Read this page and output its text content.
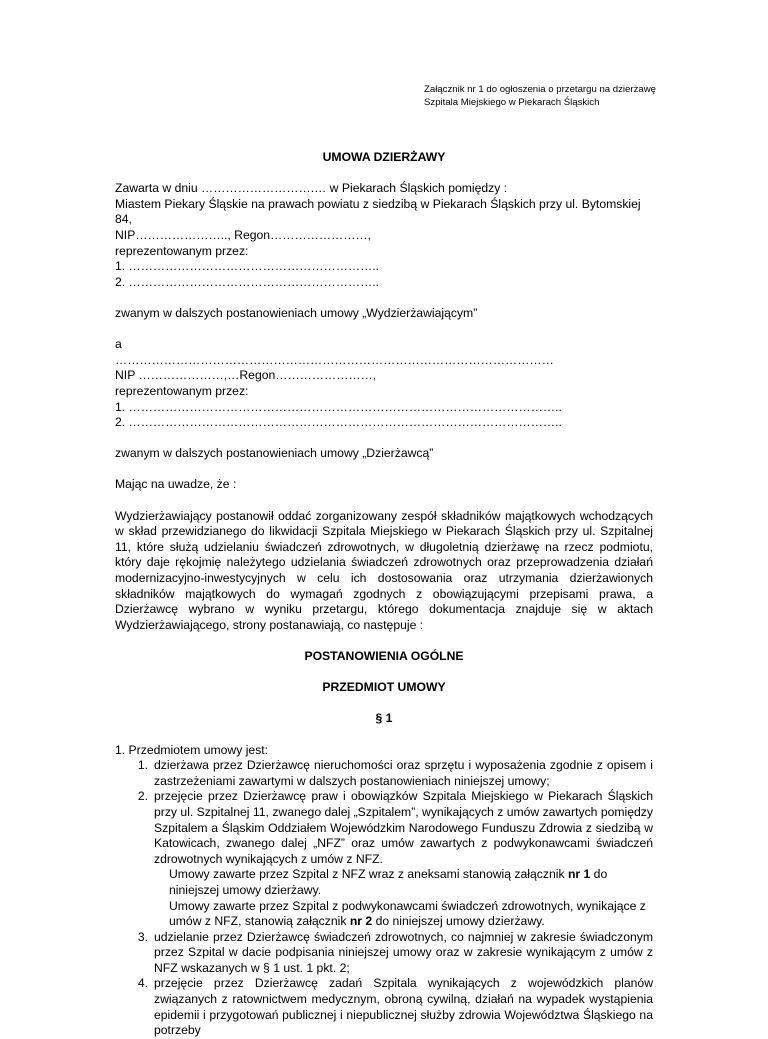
Załącznik nr 1 do ogłoszenia o przetargu na dzierżawę

Szpitala Miejskiego w Piekarach Śląskich

UMOWA DZIERŻAWY

Zawarta w dniu ……………………….… w Piekarach Śląskich pomiędzy :

Miastem Piekary Śląskie na prawach powiatu z siedzibą w Piekarach Śląskich przy ul. Bytomskiej 84,

NIP………………….., Regon……………………,

reprezentowanym przez:

1. ……………………………………………………..

2. ……………………………………………………..

zwanym w dalszych postanowieniach umowy „Wydzierżawiającym”

a

………………………………………………………………………………………………

NIP …………………,…Regon……………………,

reprezentowanym przez:

1. ……………………………………………………………………………………………..

2. ……………………………………………………………………………………………..

zwanym w dalszych postanowieniach umowy „Dzierżawcą”

Mając na uwadze, że :

Wydzierżawiający postanowił oddać zorganizowany zespół składników majątkowych wchodzących w skład przewidzianego do likwidacji Szpitala Miejskiego w Piekarach Śląskich przy ul. Szpitalnej 11, które służą udzielaniu świadczeń zdrowotnych, w długoletnią dzierżawę na rzecz podmiotu, który daje rękojmię należytego udzielania świadczeń zdrowotnych oraz przeprowadzenia działań modernizacyjno-inwestycyjnych w celu ich dostosowania oraz utrzymania dzierżawionych składników majątkowych do wymagań zgodnych z obowiązującymi przepisami prawa, a Dzierżawcę wybrano w wyniku przetargu, którego dokumentacja znajduje się w aktach Wydzierżawiającego, strony postanawiają, co następuje :

POSTANOWIENIA OGÓLNE

PRZEDMIOT UMOWY

§ 1

1. Przedmiotem umowy jest:

1. dzierżawa przez Dzierżawcę nieruchomości oraz sprzętu i wyposażenia zgodnie z opisem i zastrzeżeniami zawartymi w dalszych postanowieniach niniejszej umowy;
2. przejęcie przez Dzierżawcę praw i obowiązków Szpitala Miejskiego w Piekarach Śląskich przy ul. Szpitalnej 11, zwanego dalej „Szpitalem”, wynikających z umów zawartych pomiędzy Szpitalem a Śląskim Oddziałem Wojewódzkim Narodowego Funduszu Zdrowia z siedzibą w Katowicach, zwanego dalej „NFZ” oraz umów zawartych z podwykonawcami świadczeń zdrowotnych wynikających z umów z NFZ.

Umowy zawarte przez Szpital z NFZ wraz z aneksami stanowią załącznik nr 1 do niniejszej umowy dzierżawy.

Umowy zawarte przez Szpital z podwykonawcami świadczeń zdrowotnych, wynikające z umów z NFZ, stanowią załącznik nr 2 do niniejszej umowy dzierżawy.

3. udzielanie przez Dzierżawcę świadczeń zdrowotnych, co najmniej w zakresie świadczonym przez Szpital w dacie podpisania niniejszej umowy oraz w zakresie wynikającym z umów z NFZ wskazanych w § 1 ust. 1 pkt. 2;
4. przejęcie przez Dzierżawcę zadań Szpitala wynikających z wojewódzkich planów związanych z ratownictwem medycznym, obroną cywilną, działań na wypadek wystąpienia epidemii i przygotowań publicznej i niepublicznej służby zdrowia Województwa Śląskiego na potrzeby
